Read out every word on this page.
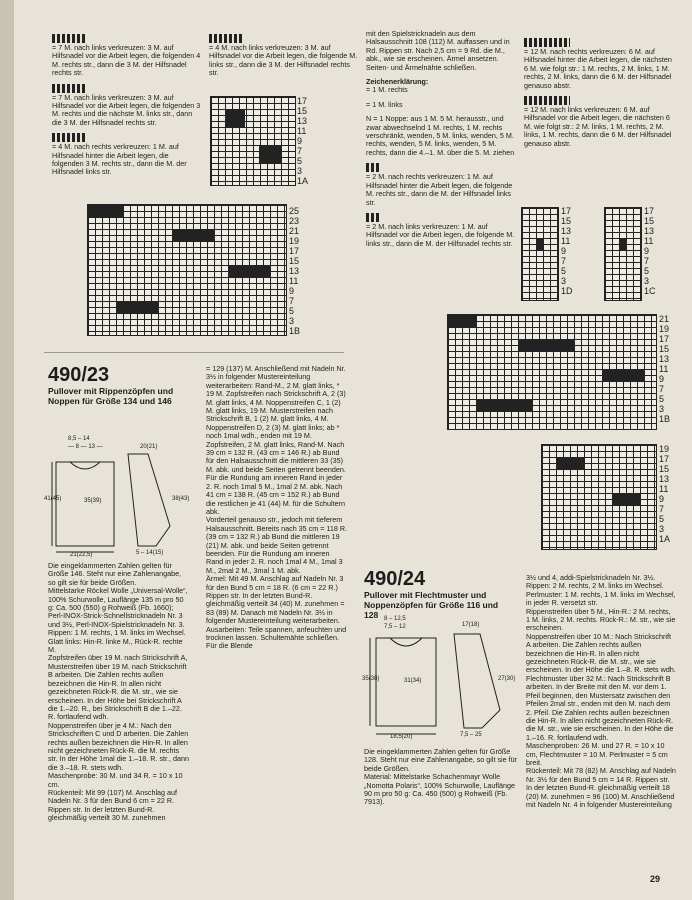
= 7 M. nach links verkreuzen: 3 M. auf Hilfsnadel vor die Arbeit legen, die folgenden 4 M. rechts str., dann die 3 M. der Hilfsnadel rechts str.
= 7 M. nach links verkreuzen: 3 M. auf Hilfsnadel vor die Arbeit legen, die folgenden 3 M. rechts und die nächste M. links str., dann die 3 M. der Hilfsnadel rechts str.
= 4 M. nach rechts verkreuzen: 1 M. auf Hilfsnadel hinter die Arbeit legen, die folgenden 3 M. rechts str., dann die M. der Hilfsnadel links str.
= 4 M. nach links verkreuzen: 3 M. auf Hilfsnadel vor die Arbeit legen, die folgende M. links str., dann die 3 M. der Hilfsnadel rechts str.
17
15
13
11
9
7
5
3
1A
25
23
21
19
17
15
13
11
9
7
5
3
1B
490/23
Pullover mit Rippenzöpfen und Noppen für Größe 134 und 146
8,5 – 14
— 8 — 13 —	20(21)
21(22,5)
41(45)	35(39)	38(43)
5 – 14(15)
Die eingeklammerten Zahlen gelten für Größe 146. Steht nur eine Zahlenangabe, so gilt sie für beide Größen.
Mittelstarke Röckel Wolle „Universal-Wolle“, 100% Schurwolle, Lauflänge 135 m pro 50 g: Ca. 500 (550) g Rohweiß (Fb. 1660); Perl-INOX-Strick-Schnellstricknadeln Nr. 3 und 3½, Perl-INOX-Spielstricknadeln Nr. 3.
Rippen: 1 M. rechts, 1 M. links im Wechsel.
Glatt links: Hin-R. linke M., Rück-R. rechte M.
Zopfstreifen über 19 M. nach Strickschrift A, Musterstreifen über 19 M. nach Strickschrift B arbeiten. Die Zahlen rechts außen bezeichnen die Hin-R. In allen nicht gezeichneten Rück-R. die M. str., wie sie erscheinen. In der Höhe bei Strickschrift A die 1.–20. R., bei Strickschrift B die 1.–22. R. fortlaufend wdh.
Noppenstreifen über je 4 M.: Nach den Strickschriften C und D arbeiten. Die Zahlen rechts außen bezeichnen die Hin-R. In allen nicht gezeichneten Rück-R. die M. rechts str. In der Höhe 1mal die 1.–18. R. str., dann die 3.–18. R. stets wdh.
Maschenprobe: 30 M. und 34 R. = 10 x 10 cm.
Rückenteil: Mit 99 (107) M. Anschlag auf Nadeln Nr. 3 für den Bund 6 cm = 22 R. Rippen str. In der letzten Bund-R. gleichmäßig verteilt 30 M. zunehmen
= 129 (137) M. Anschließend mit Nadeln Nr. 3½ in folgender Mustereinteilung weiterarbeiten: Rand-M., 2 M. glatt links, * 19 M. Zopfstreifen nach Strickschrift A, 2 (3) M. glatt links, 4 M. Noppenstreifen C, 1 (2) M. glatt links, 19 M. Musterstreifen nach Strickschrift B, 1 (2) M. glatt links, 4 M. Noppenstreifen D, 2 (3) M. glatt links; ab * noch 1mal wdh., enden mit 19 M. Zopfstreifen, 2 M. glatt links, Rand-M. Nach 39 cm = 132 R. (43 cm = 146 R.) ab Bund für den Halsausschnitt die mittleren 33 (35) M. abk. und beide Seiten getrennt beenden. Für die Rundung am inneren Rand in jeder 2. R. noch 1mal 5 M., 1mal 2 M. abk. Nach 41 cm = 138 R. (45 cm = 152 R.) ab Bund die restlichen je 41 (44) M. für die Schultern abk.
Vorderteil genauso str., jedoch mit tieferem Halsausschnitt. Bereits nach 35 cm = 118 R. (39 cm = 132 R.) ab Bund die mittleren 19 (21) M. abk. und beide Seiten getrennt beenden. Für die Rundung am inneren Rand in jeder 2. R. noch 1mal 4 M., 1mal 3 M., 2mal 2 M., 3mal 1 M. abk.
Ärmel: Mit 49 M. Anschlag auf Nadeln Nr. 3 für den Bund 5 cm = 18 R. (6 cm = 22 R.) Rippen str. In der letzten Bund-R. gleichmäßig verteilt 34 (40) M. zunehmen = 83 (89) M. Danach mit Nadeln Nr. 3½ in folgender Mustereinteilung weiterarbeiten.
Ausarbeiten: Teile spannen, anfeuchten und trocknen lassen. Schultemähte schließen. Für die Blende
mit den Spielstricknadeln aus dem Halsausschnitt 108 (112) M. auffassen und in Rd. Rippen str. Nach 2,5 cm = 9 Rd. die M., abk., wie sie erscheinen. Ärmel ansetzen. Seiten- und Ärmelnähte schließen.
Zeichenerklärung:
= 1 M. rechts
= 1 M. links
N = 1 Noppe: aus 1 M. 5 M. herausstr., und zwar abwechselnd 1 M. rechts, 1 M. rechts verschränkt, wenden, 5 M. links, wenden, 5 M. rechts, wenden, 5 M. links, wenden, 5 M. rechts, dann die 4.–1. M. über die 5. M. ziehen
= 2 M. nach rechts verkreuzen: 1 M. auf Hilfsnadel hinter die Arbeit legen, die folgende M. rechts str., dann die M. der Hilfsnadel links str.
= 2 M. nach links verkreuzen: 1 M. auf Hilfsnadel vor die Arbeit legen, die folgende M. links str., dann die M. der Hilfsnadel rechts str.
= 12 M. nach rechts verkreuzen: 6 M. auf Hilfsnadel hinter die Arbeit legen, die nächsten 6 M. wie folgt str.: 1 M. rechts, 2 M. links, 1 M. rechts, 2 M. links, dann die 6 M. der Hilfsnadel genauso abstr.
= 12 M. nach links verkreuzen: 6 M. auf Hilfsnadel vor die Arbeit legen, die nächsten 6 M. wie folgt str.: 2 M. links, 1 M. rechts, 2 M. links, 1 M. rechts, dann die 6 M. der Hilfsnadel genauso abstr.
17
15
13
11
9
7
5
3
1D
17
15
13
11
9
7
5
3
1C
21
19
17
15
13
11
9
7
5
3
1B
19
17
15
13
11
9
7
5
3
1A
490/24
Pullover mit Flechtmuster und Noppenzöpfen für Größe 116 und 128 8 – 12,5
7,5 – 12	17(18)
18,5(20)
35(38)	31(34)	27(30)
7,5 – 25
Die eingeklammerten Zahlen gelten für Größe 128. Steht nur eine Zahlenangabe, so gilt sie für beide Größen.
Material: Mittelstarke Schachenmayr Wolle „Nomotta Polaris“, 100% Schurwolle, Lauflänge 90 m pro 50 g: Ca. 450 (500) g Rohweiß (Fb. 7913).
3½ und 4, addi-Spielstricknadeln Nr. 3½.
Rippen: 2 M. rechts, 2 M. links im Wechsel.
Perlmuster: 1 M. rechts, 1 M. links im Wechsel, in jeder R. versetzt str.
Rippenstreifen über 5 M., Hin-R.: 2 M. rechts, 1 M. links, 2 M. rechts. Rück-R.: M. str., wie sie erscheinen.
Noppenstreifen über 10 M.: Nach Strickschrift A arbeiten. Die Zahlen rechts außen bezeichnen die Hin-R. In allen nicht gezeichneten Rück-R. die M. str., wie sie erscheinen. In der Höhe die 1.–8. R. stets wdh.
Flechtmuster über 32 M.: Nach Strickschrift B arbeiten. In der Breite mit den M. vor dem 1. Pfeil beginnen, den Mustersatz zwischen den Pfeilen 2mal str., enden mit den M. nach dem 2. Pfeil. Die Zahlen rechts außen bezeichnen die Hin-R. In allen nicht gezeichneten Rück-R. die M. str., wie sie erscheinen. In der Höhe die 1.–16. R. fortlaufend wdh.
Maschenproben: 26 M. und 27 R. = 10 x 10 cm, Flechtmuster = 10 M. Perlmuster = 5 cm breit.
Rückenteil: Mit 78 (82) M. Anschlag auf Nadeln Nr. 3½ für den Bund 5 cm = 14 R. Rippen str. In der letzten Bund-R. gleichmäßig verteilt 18 (20) M. zunehmen = 96 (100) M. Anschließend mit Nadeln Nr. 4 in folgender Mustereinteilung
29
